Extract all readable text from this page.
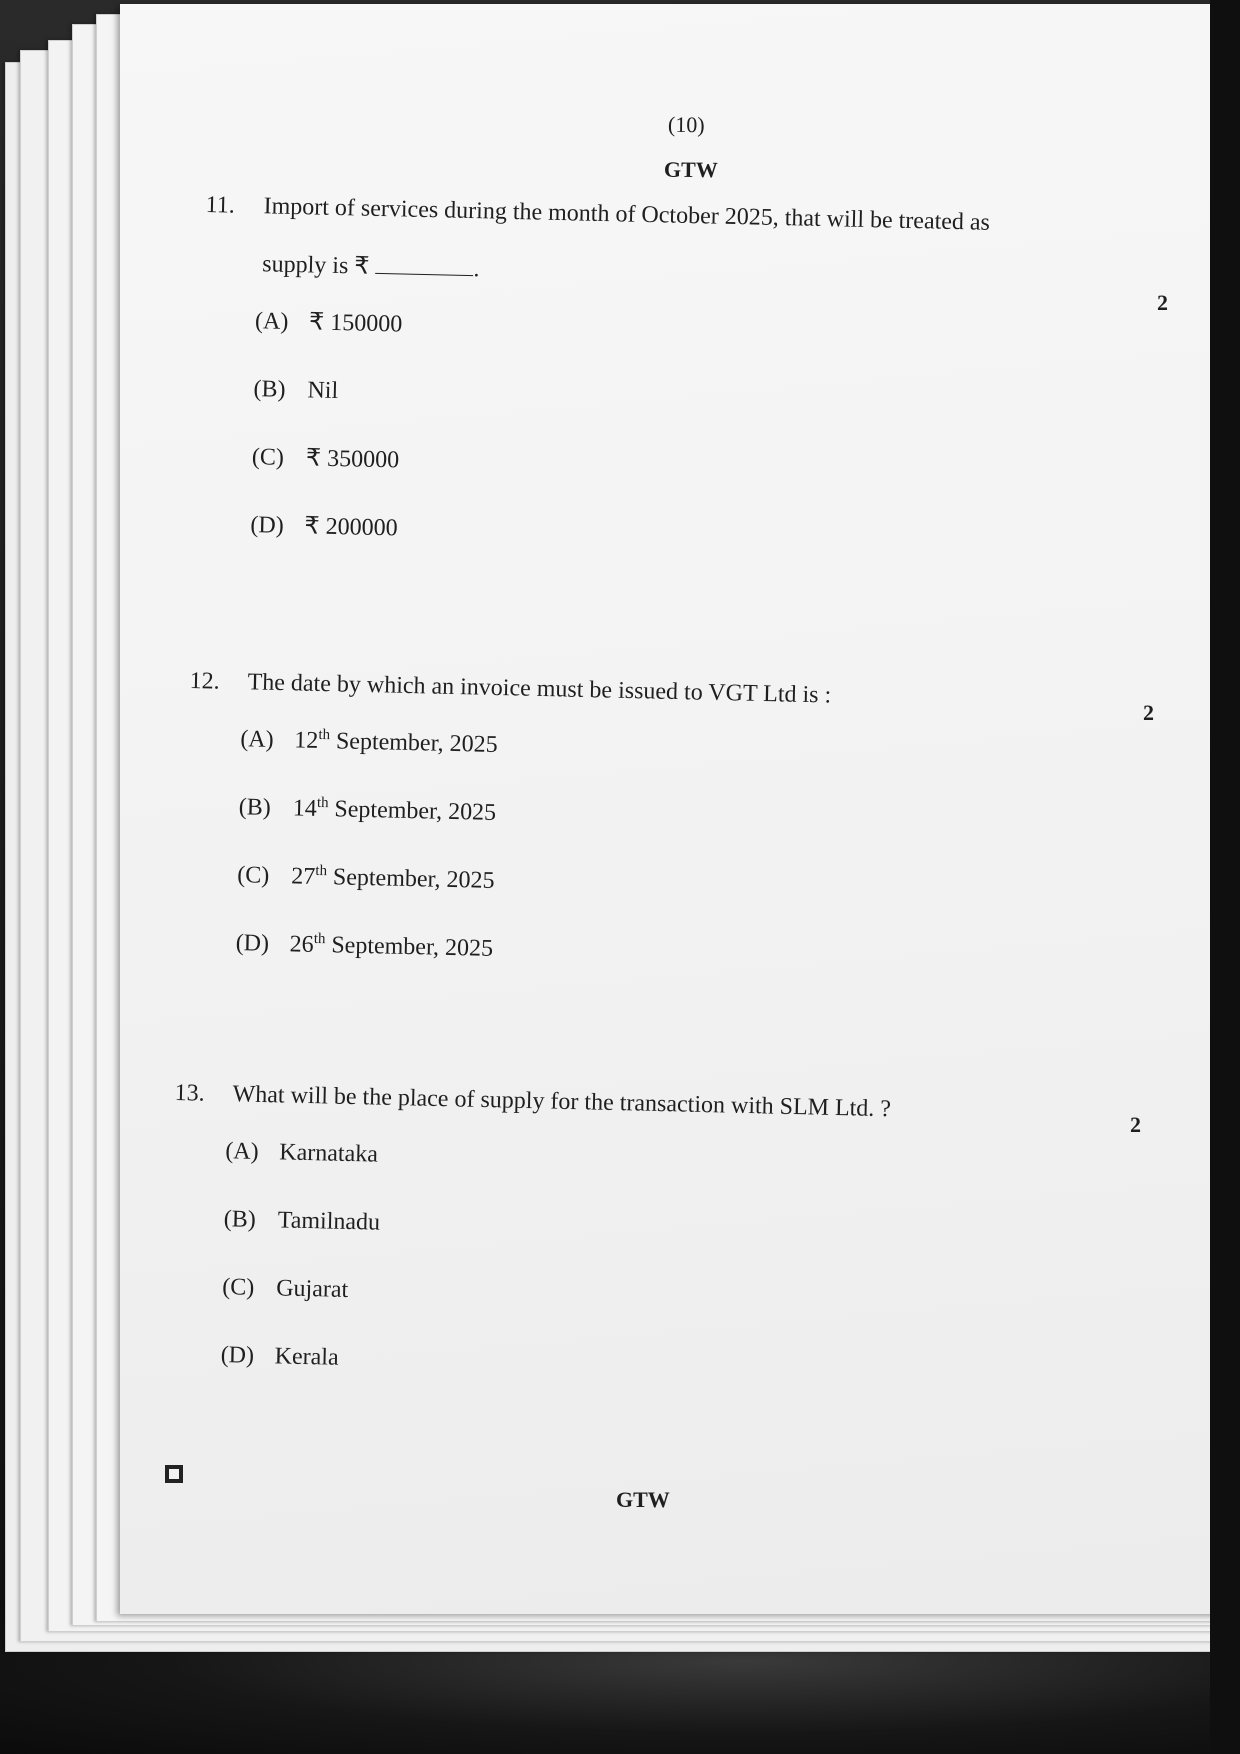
(10)
GTW
11. Import of services during the month of October 2025, that will be treated as
supply is ₹	.
(A) ₹ 150000
(B) Nil
(C) ₹ 350000
(D) ₹ 200000
2
12. The date by which an invoice must be issued to VGT Ltd is :
(A) 12th September, 2025
(B) 14th September, 2025
(C) 27th September, 2025
(D) 26th September, 2025
2
13. What will be the place of supply for the transaction with SLM Ltd. ?
(A) Karnataka
(B) Tamilnadu
(C) Gujarat
(D) Kerala
2
GTW
